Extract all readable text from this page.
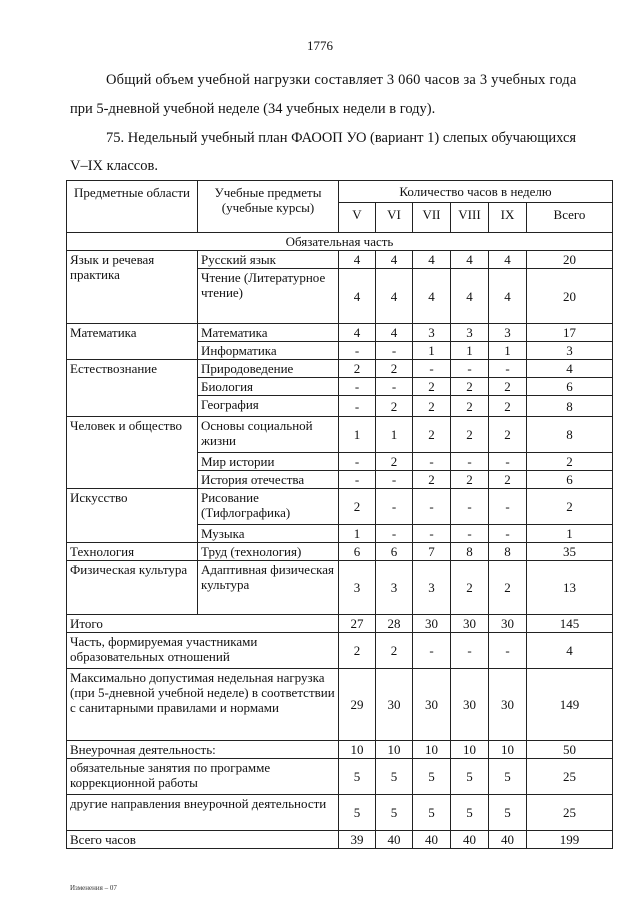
1776
Общий объем учебной нагрузки составляет 3 060 часов за 3 учебных года
при 5-дневной учебной неделе (34 учебных недели в году).
75. Недельный учебный план ФАООП УО (вариант 1) слепых обучающихся
V–IX классов.
Предметные области	Учебные предметы (учебные курсы)	Количество часов в неделю					
		V	VI	VII	VIII	IX	Всего
Обязательная часть							
Язык и речевая практика	Русский язык	4	4	4	4	4	20
	Чтение (Литературное чтение)	4	4	4	4	4	20
Математика	Математика	4	4	3	3	3	17
	Информатика	-	-	1	1	1	3
Естествознание	Природоведение	2	2	-	-	-	4
	Биология	-	-	2	2	2	6
	География	-	2	2	2	2	8
Человек и общество	Основы социальной жизни	1	1	2	2	2	8
	Мир истории	-	2	-	-	-	2
	История отечества	-	-	2	2	2	6
Искусство	Рисование (Тифлографика)	2	-	-	-	-	2
	Музыка	1	-	-	-	-	1
Технология	Труд (технология)	6	6	7	8	8	35
Физическая культура	Адаптивная физическая культура	3	3	3	2	2	13
Итого		27	28	30	30	30	145
Часть, формируемая участниками образовательных отношений		2	2	-	-	-	4
Максимально допустимая недельная нагрузка (при 5-дневной учебной неделе) в соответствии с санитарными правилами и нормами		29	30	30	30	30	149
Внеурочная деятельность:		10	10	10	10	10	50
обязательные занятия по программе коррекционной работы		5	5	5	5	5	25
другие направления внеурочной деятельности		5	5	5	5	5	25
Всего часов		39	40	40	40	40	199
Изменения – 07
